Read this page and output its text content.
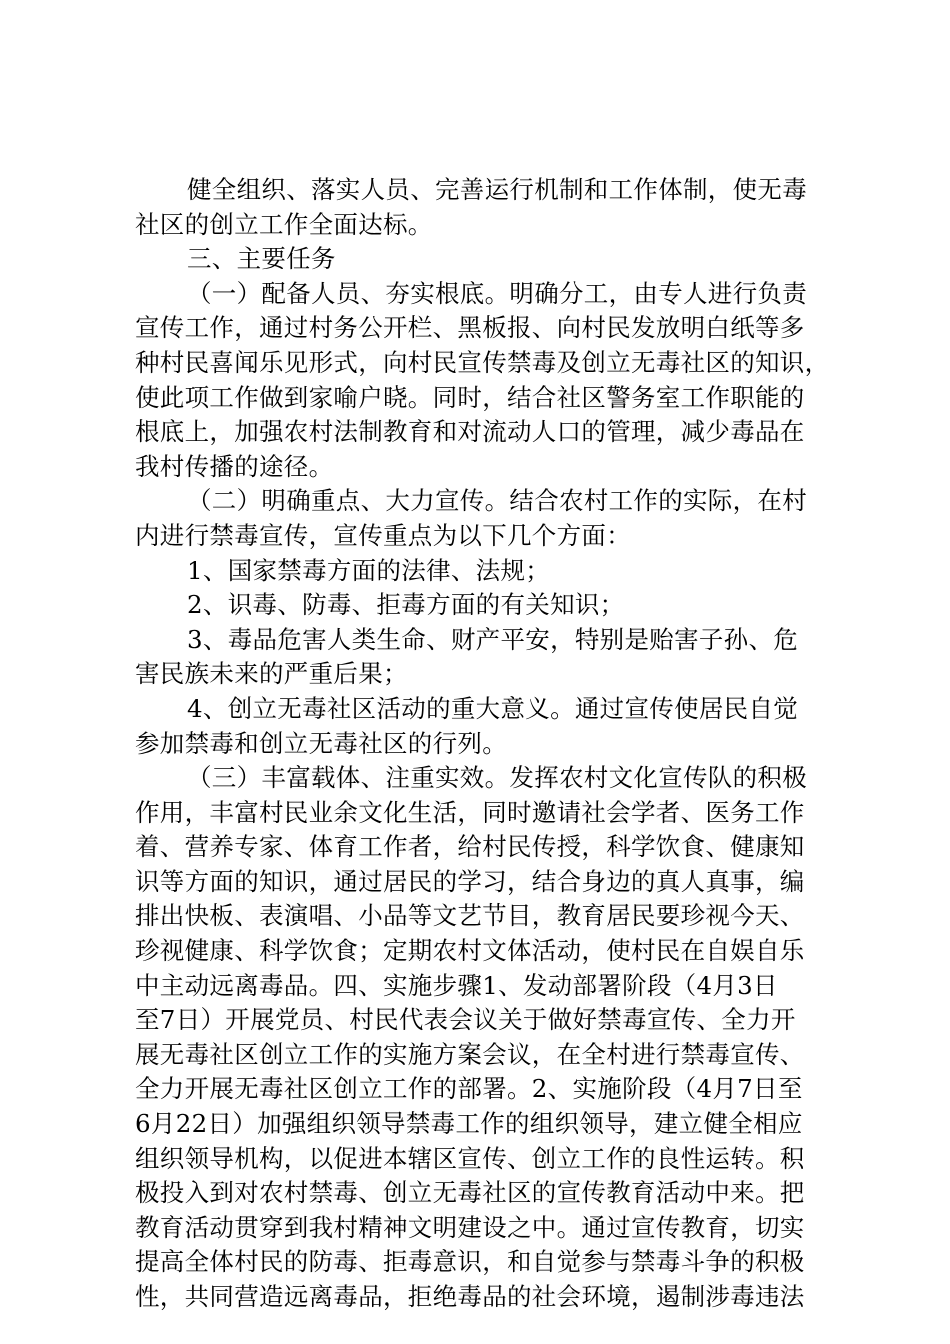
健全组织、落实人员、完善运行机制和工作体制，使无毒
社区的创立工作全面达标。
三、主要任务
（一）配备人员、夯实根底。明确分工，由专人进行负责
宣传工作，通过村务公开栏、黑板报、向村民发放明白纸等多
种村民喜闻乐见形式，向村民宣传禁毒及创立无毒社区的知识，
使此项工作做到家喻户晓。同时，结合社区警务室工作职能的
根底上，加强农村法制教育和对流动人口的管理，减少毒品在
我村传播的途径。
（二）明确重点、大力宣传。结合农村工作的实际，在村
内进行禁毒宣传，宣传重点为以下几个方面：
1、国家禁毒方面的法律、法规；
2、识毒、防毒、拒毒方面的有关知识；
3、毒品危害人类生命、财产平安，特别是贻害子孙、危
害民族未来的严重后果；
4、创立无毒社区活动的重大意义。通过宣传使居民自觉
参加禁毒和创立无毒社区的行列。
（三）丰富载体、注重实效。发挥农村文化宣传队的积极
作用，丰富村民业余文化生活，同时邀请社会学者、医务工作
着、营养专家、体育工作者，给村民传授，科学饮食、健康知
识等方面的知识，通过居民的学习，结合身边的真人真事，编
排出快板、表演唱、小品等文艺节目，教育居民要珍视今天、
珍视健康、科学饮食；定期农村文体活动，使村民在自娱自乐
中主动远离毒品。四、实施步骤1、发动部署阶段（4月3日
至7日）开展党员、村民代表会议关于做好禁毒宣传、全力开
展无毒社区创立工作的实施方案会议，在全村进行禁毒宣传、
全力开展无毒社区创立工作的部署。2、实施阶段（4月7日至
6月22日）加强组织领导禁毒工作的组织领导，建立健全相应
组织领导机构，以促进本辖区宣传、创立工作的良性运转。积
极投入到对农村禁毒、创立无毒社区的宣传教育活动中来。把
教育活动贯穿到我村精神文明建设之中。通过宣传教育，切实
提高全体村民的防毒、拒毒意识，和自觉参与禁毒斗争的积极
性，共同营造远离毒品，拒绝毒品的社会环境，遏制涉毒违法
